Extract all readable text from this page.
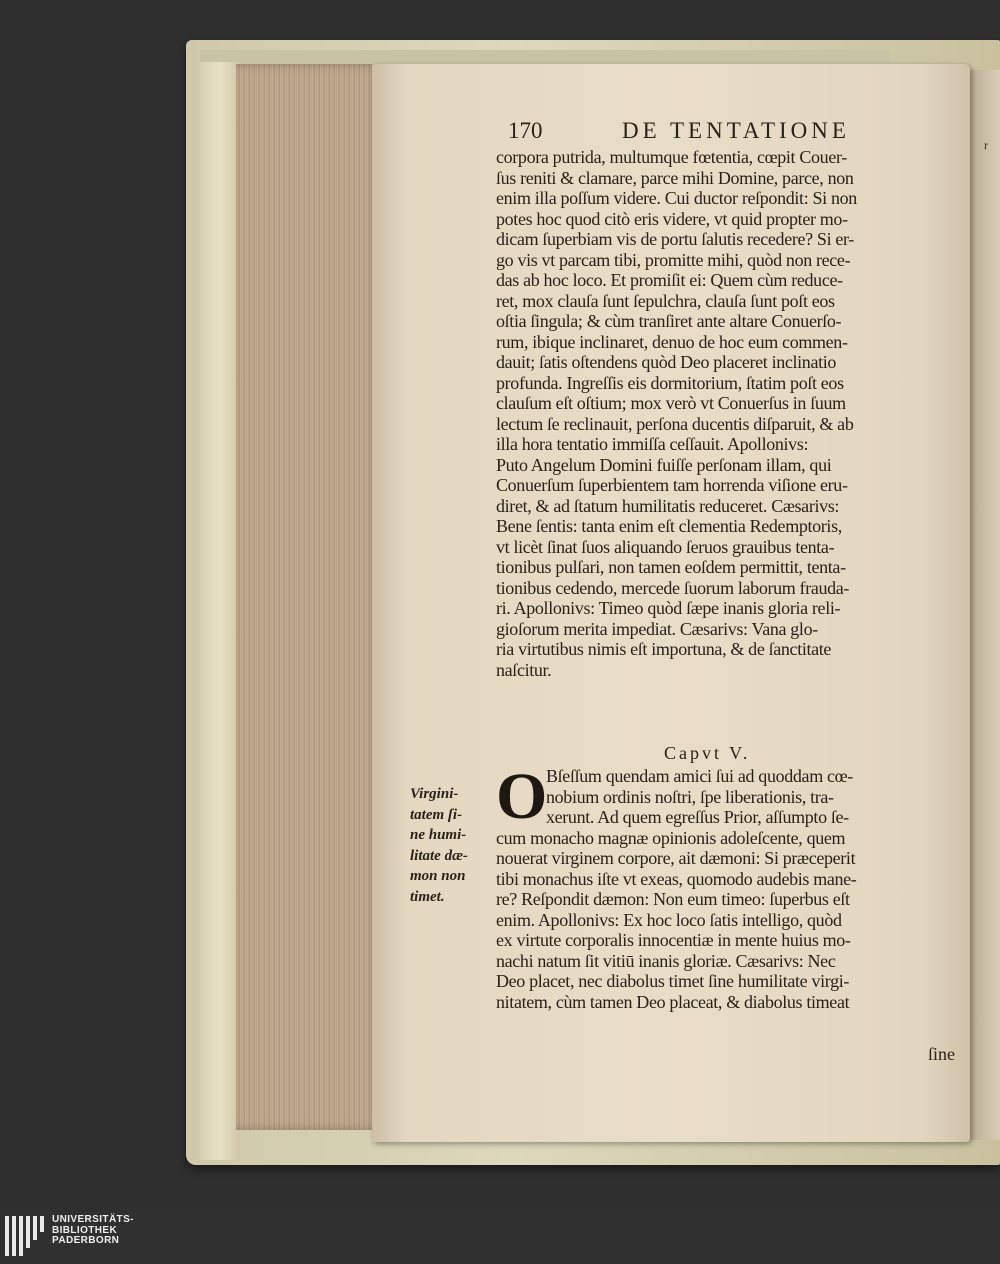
r
170	DE TENTATIONE
corpora putrida, multumque fœtentia, cœpit Couer-
ſus reniti & clamare, parce mihi Domine, parce, non
enim illa poſſum videre. Cui ductor reſpondit: Si non
potes hoc quod citò eris videre, vt quid propter mo-
dicam ſuperbiam vis de portu ſalutis recedere? Si er-
go vis vt parcam tibi, promitte mihi, quòd non rece-
das ab hoc loco. Et promiſit ei: Quem cùm reduce-
ret, mox clauſa ſunt ſepulchra, clauſa ſunt poſt eos
oſtia ſingula; & cùm tranſiret ante altare Conuerſo-
rum, ibique inclinaret, denuo de hoc eum commen-
dauit; ſatis oſtendens quòd Deo placeret inclinatio
profunda. Ingreſſis eis dormitorium, ſtatim poſt eos
clauſum eſt oſtium; mox verò vt Conuerſus in ſuum
lectum ſe reclinauit, perſona ducentis diſparuit, & ab
illa hora tentatio immiſſa ceſſauit. Apollonivs:
Puto Angelum Domini fuiſſe perſonam illam, qui
Conuerſum ſuperbientem tam horrenda viſione eru-
diret, & ad ſtatum humilitatis reduceret. Cæsarivs:
Bene ſentis: tanta enim eſt clementia Redemptoris,
vt licèt ſinat ſuos aliquando ſeruos grauibus tenta-
tionibus pulſari, non tamen eoſdem permittit, tenta-
tionibus cedendo, mercede ſuorum laborum frauda-
ri. Apollonivs: Timeo quòd ſæpe inanis gloria reli-
gioſorum merita impediat. Cæsarivs: Vana glo-
ria virtutibus nimis eſt importuna, & de ſanctitate
naſcitur.
Capvt V.
O Bſeſſum quendam amici ſui ad quoddam cœ-
nobium ordinis noſtri, ſpe liberationis, tra-
xerunt. Ad quem egreſſus Prior, aſſumpto ſe-
cum monacho magnæ opinionis adoleſcente, quem
nouerat virginem corpore, ait dæmoni: Si præceperit
tibi monachus iſte vt exeas, quomodo audebis mane-
re? Reſpondit dæmon: Non eum timeo: ſuperbus eſt
enim. Apollonivs: Ex hoc loco ſatis intelligo, quòd
ex virtute corporalis innocentiæ in mente huius mo-
nachi natum ſit vitiū inanis gloriæ. Cæsarivs: Nec
Deo placet, nec diabolus timet ſine humilitate virgi-
nitatem, cùm tamen Deo placeat, & diabolus timeat
Virgini-
tatem ſi-
ne humi-
litate dæ-
mon non
timet.
ſine
UNIVERSITÄTS-
BIBLIOTHEK
PADERBORN
